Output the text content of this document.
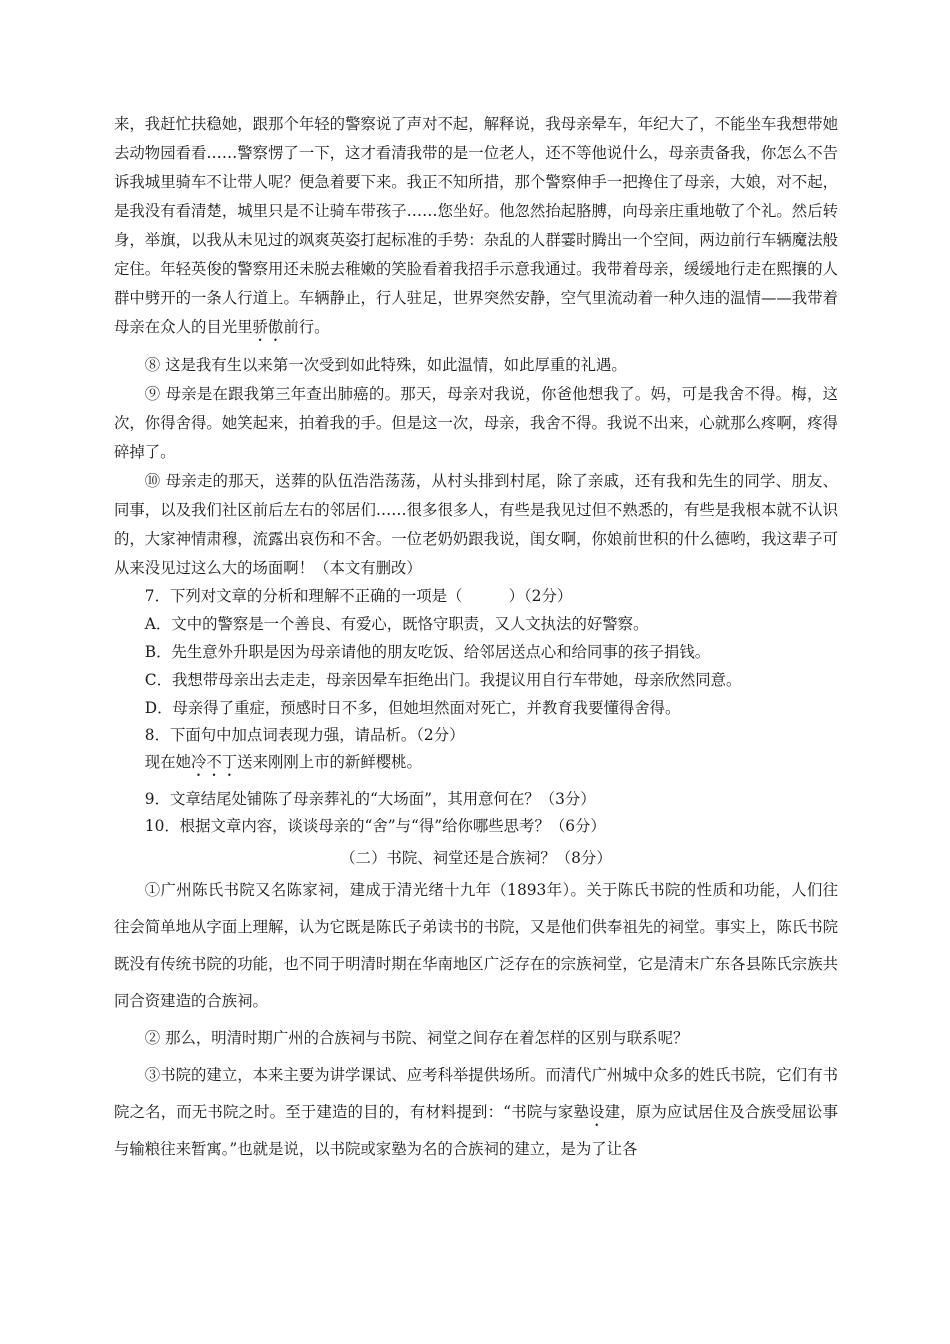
来，我赶忙扶稳她，跟那个年轻的警察说了声对不起，解释说，我母亲晕车，年纪大了，不能坐车我想带她去动物园看看……警察愣了一下，这才看清我带的是一位老人，还不等他说什么，母亲责备我，你怎么不告诉我城里骑车不让带人呢？便急着要下来。我正不知所措，那个警察伸手一把搀住了母亲，大娘，对不起，是我没有看清楚，城里只是不让骑车带孩子……您坐好。他忽然抬起胳膊，向母亲庄重地敬了个礼。然后转身，举旗，以我从未见过的飒爽英姿打起标准的手势：杂乱的人群霎时腾出一个空间，两边前行车辆魔法般定住。年轻英俊的警察用还未脱去稚嫩的笑脸看着我招手示意我通过。我带着母亲，缓缓地行走在熙攘的人群中劈开的一条人行道上。车辆静止，行人驻足，世界突然安静，空气里流动着一种久违的温情——我带着母亲在众人的目光里骄傲前行。

⑧ 这是我有生以来第一次受到如此特殊，如此温情，如此厚重的礼遇。

⑨ 母亲是在跟我第三年查出肺癌的。那天，母亲对我说，你爸他想我了。妈，可是我舍不得。梅，这次，你得舍得。她笑起来，拍着我的手。但是这一次，母亲，我舍不得。我说不出来，心就那么疼啊，疼得碎掉了。

⑩ 母亲走的那天，送葬的队伍浩浩荡荡，从村头排到村尾，除了亲戚，还有我和先生的同学、朋友、同事，以及我们社区前后左右的邻居们……很多很多人，有些是我见过但不熟悉的，有些是我根本就不认识的，大家神情肃穆，流露出哀伤和不舍。一位老奶奶跟我说，闺女啊，你娘前世积的什么德哟，我这辈子可从来没见过这么大的场面啊！（本文有删改）

7．下列对文章的分析和理解不正确的一项是（　　　）（2分）

A．文中的警察是一个善良、有爱心，既恪守职责，又人文执法的好警察。

B．先生意外升职是因为母亲请他的朋友吃饭、给邻居送点心和给同事的孩子捐钱。

C．我想带母亲出去走走，母亲因晕车拒绝出门。我提议用自行车带她，母亲欣然同意。

D．母亲得了重症，预感时日不多，但她坦然面对死亡，并教育我要懂得舍得。

8．下面句中加点词表现力强，请品析。（2分）

现在她冷不丁送来刚刚上市的新鲜樱桃。

9．文章结尾处铺陈了母亲葬礼的“大场面”，其用意何在？（3分）

10．根据文章内容，谈谈母亲的“舍”与“得”给你哪些思考？（6分）

（二）书院、祠堂还是合族祠？（8分）

①广州陈氏书院又名陈家祠，建成于清光绪十九年（1893年）。关于陈氏书院的性质和功能，人们往往会简单地从字面上理解，认为它既是陈氏子弟读书的书院，又是他们供奉祖先的祠堂。事实上，陈氏书院既没有传统书院的功能，也不同于明清时期在华南地区广泛存在的宗族祠堂，它是清末广东各县陈氏宗族共同合资建造的合族祠。

② 那么，明清时期广州的合族祠与书院、祠堂之间存在着怎样的区别与联系呢？

③书院的建立，本来主要为讲学课试、应考科举提供场所。而清代广州城中众多的姓氏书院，它们有书院之名，而无书院之时。至于建造的目的，有材料提到：“书院与家塾设建，原为应试居住及合族受屈讼事与输粮往来暂寓。”也就是说，以书院或家塾为名的合族祠的建立，是为了让各
